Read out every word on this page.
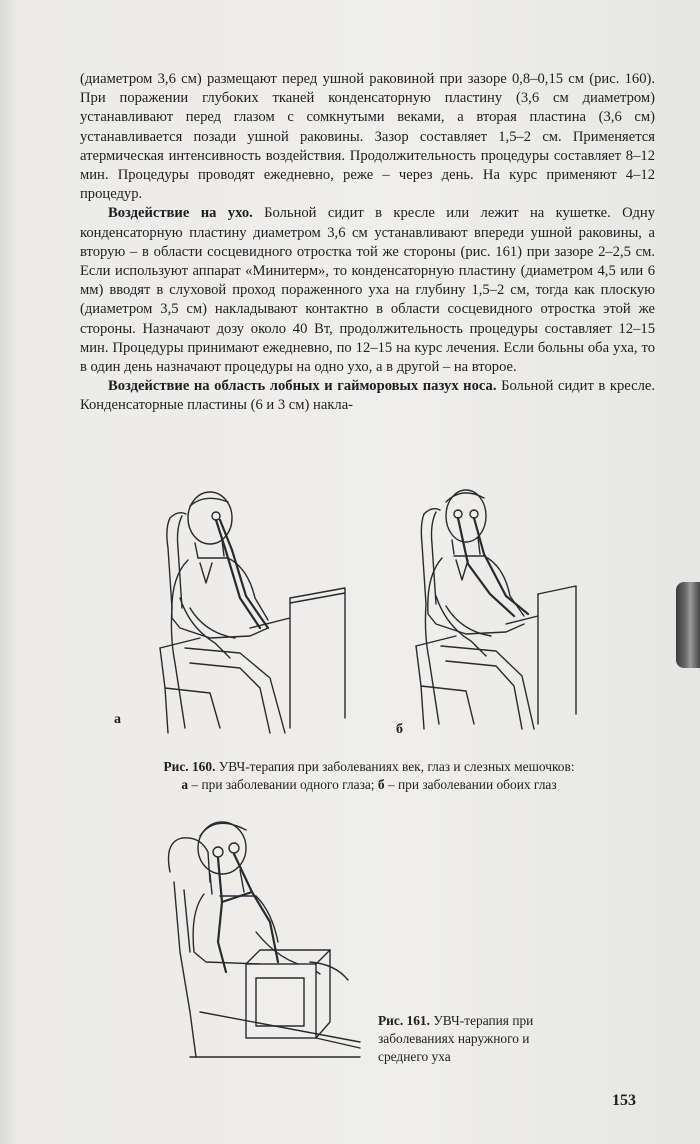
(диаметром 3,6 см) размещают перед ушной раковиной при зазоре 0,8–0,15 см (рис. 160). При поражении глубоких тканей конденсаторную пластину (3,6 см диаметром) устанавливают перед глазом с сомкнутыми веками, а вторая пластина (3,6 см) устанавливается позади ушной раковины. Зазор составляет 1,5–2 см. Применяется атермическая интенсивность воздействия. Продолжительность процедуры составляет 8–12 мин. Процедуры проводят ежедневно, реже – через день. На курс применяют 4–12 процедур.

Воздействие на ухо. Больной сидит в кресле или лежит на кушетке. Одну конденсаторную пластину диаметром 3,6 см устанавливают впереди ушной раковины, а вторую – в области сосцевидного отростка той же стороны (рис. 161) при зазоре 2–2,5 см. Если используют аппарат «Минитерм», то конденсаторную пластину (диаметром 4,5 или 6 мм) вводят в слуховой проход пораженного уха на глубину 1,5–2 см, тогда как плоскую (диаметром 3,5 см) накладывают контактно в области сосцевидного отростка этой же стороны. Назначают дозу около 40 Вт, продолжительность процедуры составляет 12–15 мин. Процедуры принимают ежедневно, по 12–15 на курс лечения. Если больны оба уха, то в один день назначают процедуры на одно ухо, а в другой – на второе.

Воздействие на область лобных и гайморовых пазух носа. Больной сидит в кресле. Конденсаторные пластины (6 и 3 см) накла-

а
б
Рис. 160. УВЧ-терапия при заболеваниях век, глаз и слезных мешочков:
а – при заболевании одного глаза; б – при заболевании обоих глаз
Рис. 161. УВЧ-терапия при заболеваниях наружного и среднего уха
153
